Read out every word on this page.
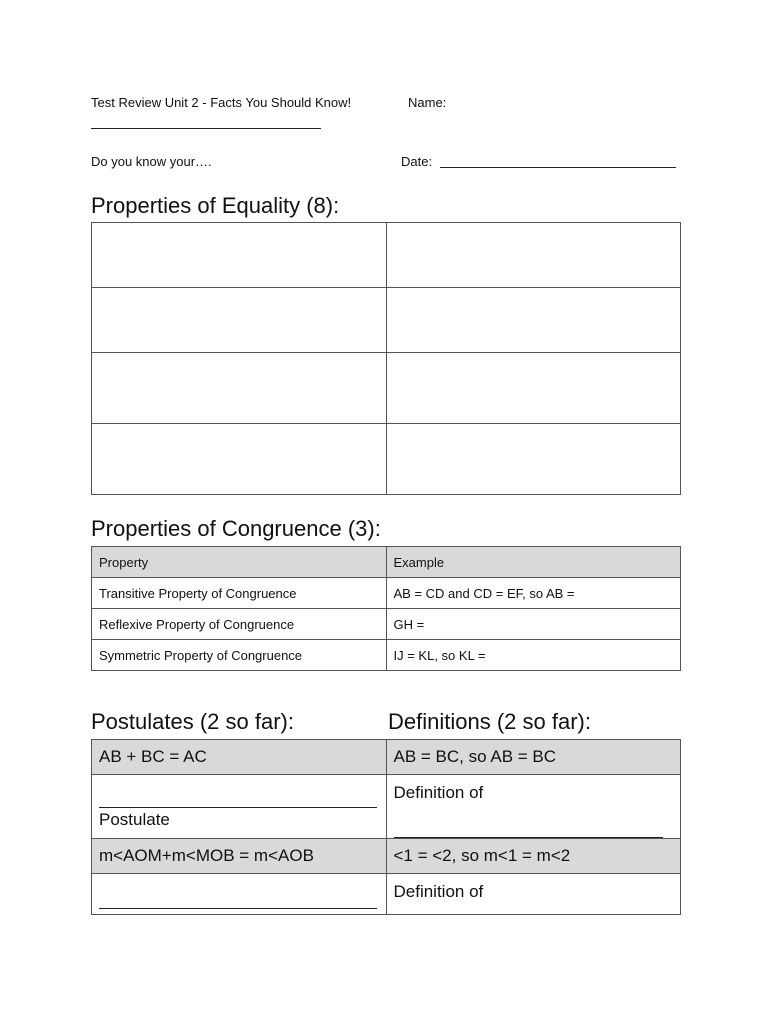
Test Review Unit 2 - Facts You Should Know!	Name:
Do you know your….	Date:
Properties of Equality (8):

Properties of Congruence (3):
Property	Example
Transitive Property of Congruence	AB = CD and CD = EF, so AB =
Reflexive Property of Congruence	GH =
Symmetric Property of Congruence	IJ = KL, so KL =
Postulates (2 so far):	Definitions (2 so far):
AB + BC = AC	AB = BC, so AB = BC

Postulate	Definition of

m<AOM+m<MOB = m<AOB	<1 = <2, so m<1 = m<2

	Definition of
